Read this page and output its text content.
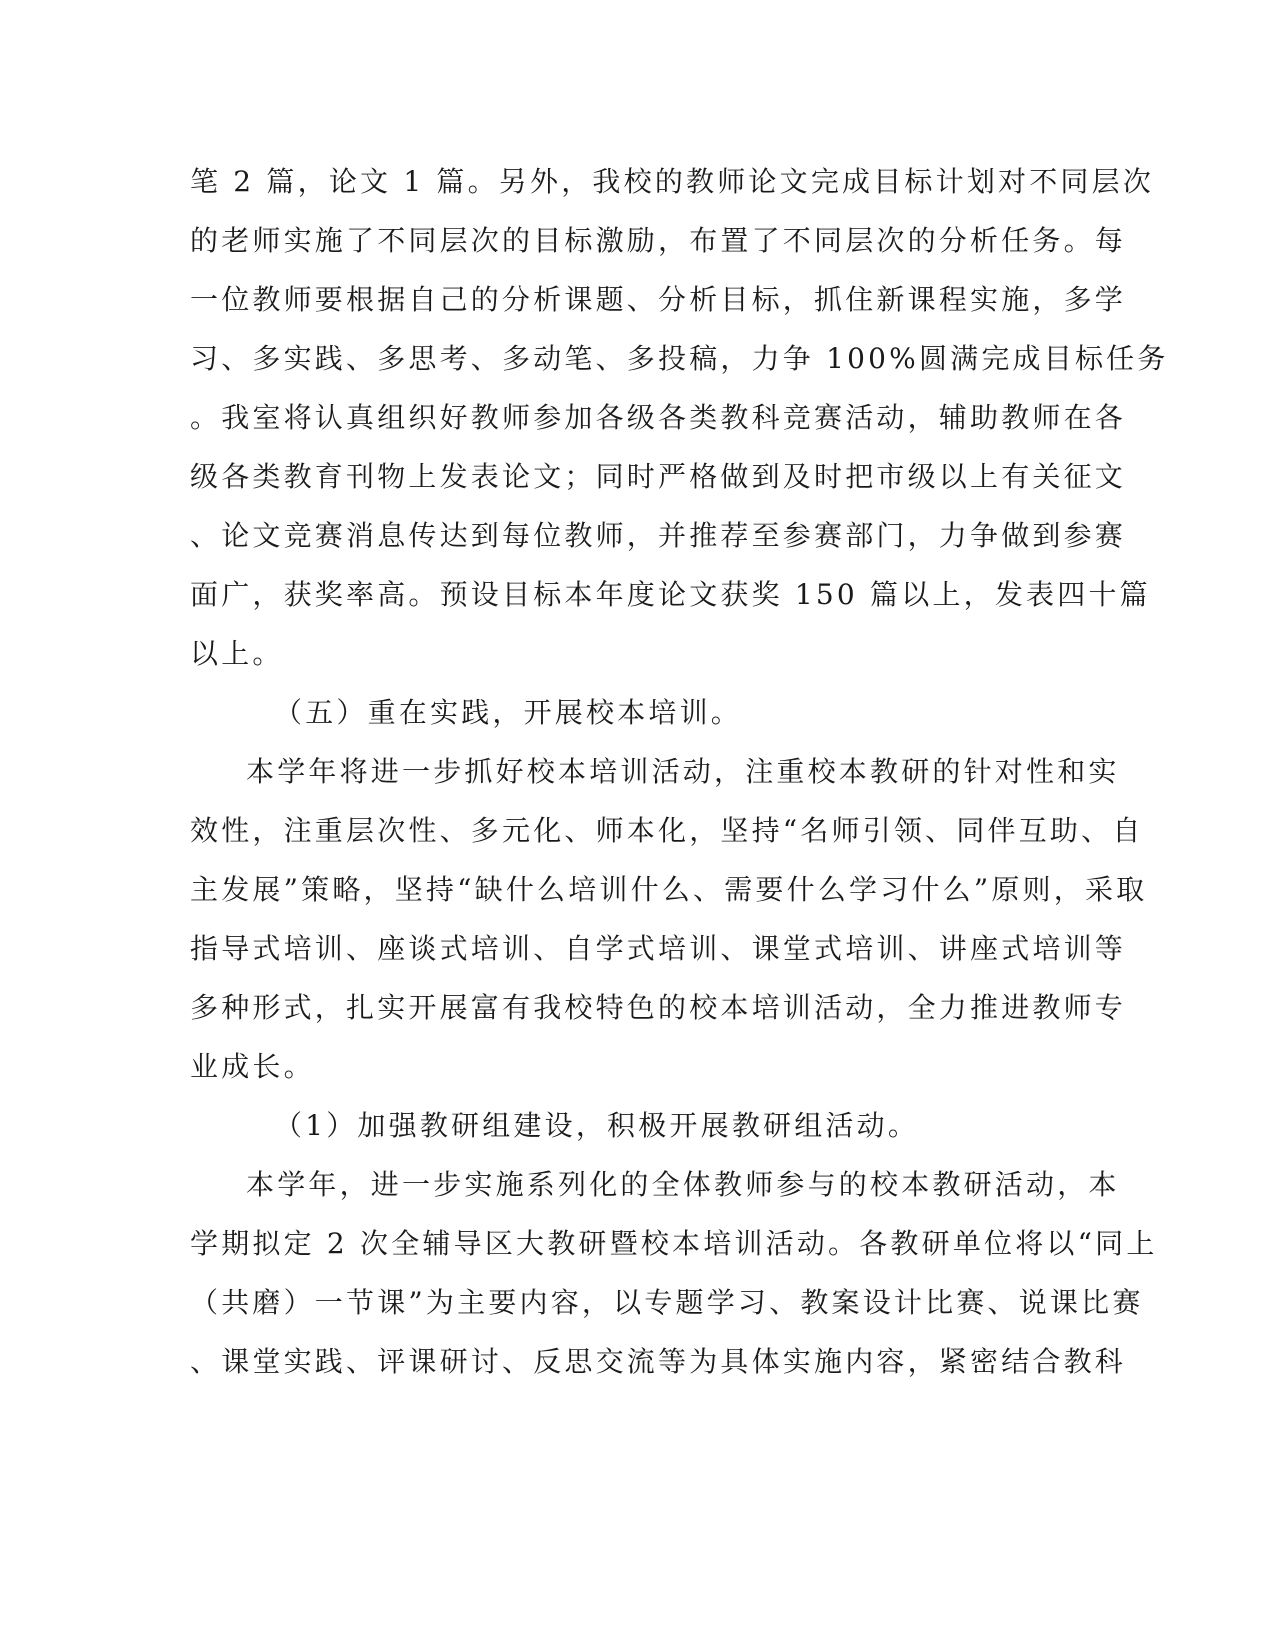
笔 2 篇，论文 1 篇。另外，我校的教师论文完成目标计划对不同层次
的老师实施了不同层次的目标激励，布置了不同层次的分析任务。每
一位教师要根据自己的分析课题、分析目标，抓住新课程实施，多学
习、多实践、多思考、多动笔、多投稿，力争 100%圆满完成目标任务
。我室将认真组织好教师参加各级各类教科竞赛活动，辅助教师在各
级各类教育刊物上发表论文；同时严格做到及时把市级以上有关征文
、论文竞赛消息传达到每位教师，并推荐至参赛部门，力争做到参赛
面广，获奖率高。预设目标本年度论文获奖 150 篇以上，发表四十篇
以上。
（五）重在实践，开展校本培训。
本学年将进一步抓好校本培训活动，注重校本教研的针对性和实
效性，注重层次性、多元化、师本化，坚持“名师引领、同伴互助、自
主发展”策略，坚持“缺什么培训什么、需要什么学习什么”原则，采取
指导式培训、座谈式培训、自学式培训、课堂式培训、讲座式培训等
多种形式，扎实开展富有我校特色的校本培训活动，全力推进教师专
业成长。
（1）加强教研组建设，积极开展教研组活动。
本学年，进一步实施系列化的全体教师参与的校本教研活动，本
学期拟定 2 次全辅导区大教研暨校本培训活动。各教研单位将以“同上
（共磨）一节课”为主要内容，以专题学习、教案设计比赛、说课比赛
、课堂实践、评课研讨、反思交流等为具体实施内容，紧密结合教科
